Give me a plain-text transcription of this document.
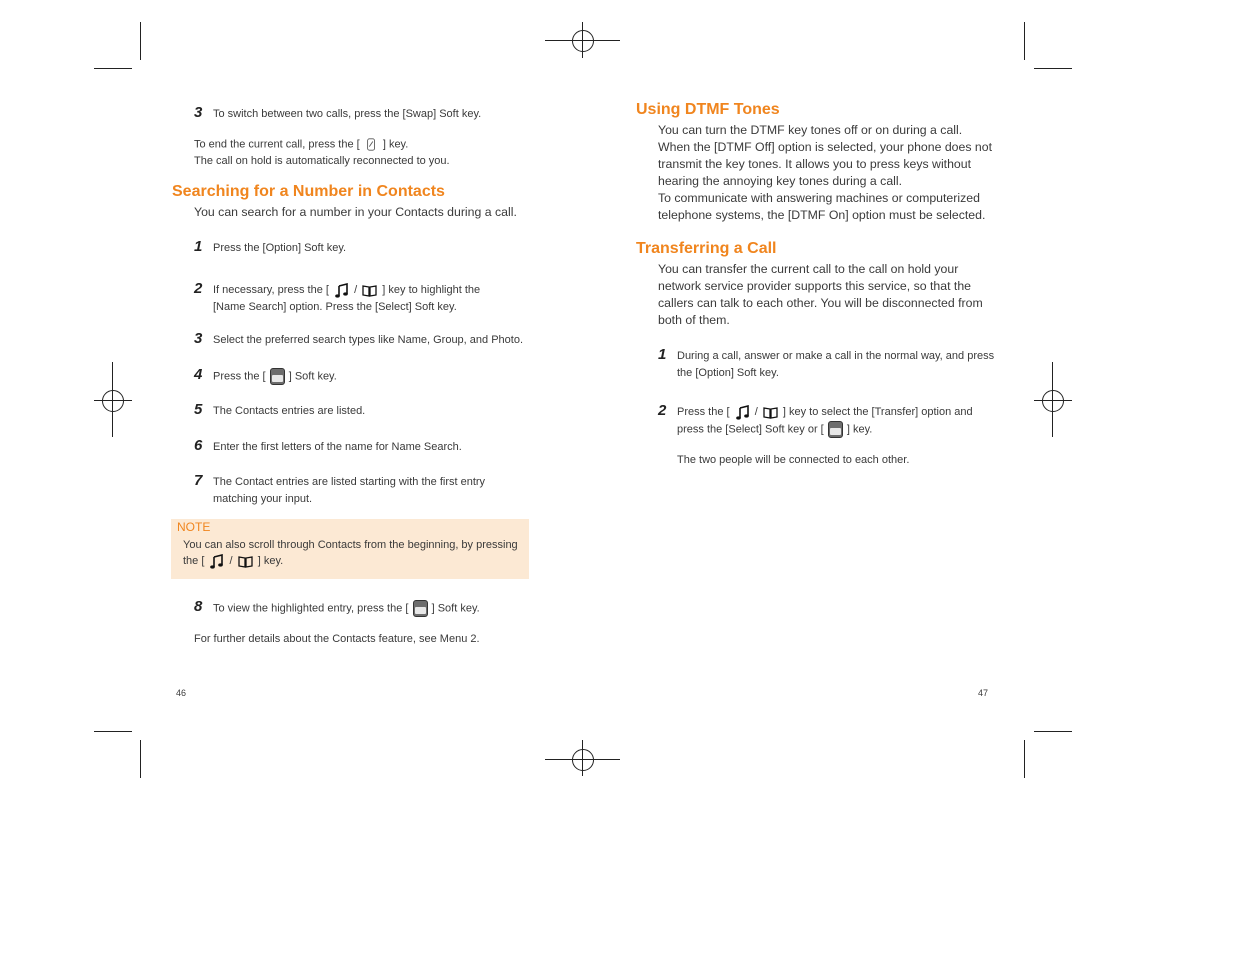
3 To switch between two calls, press the [Swap] Soft key.
To end the current call, press the [ ] key.
The call on hold is automatically reconnected to you.
Searching for a Number in Contacts
You can search for a number in your Contacts during a call.
1 Press the [Option] Soft key.
2 If necessary, press the [ / ] key to highlight the
[Name Search] option. Press the [Select] Soft key.
3 Select the preferred search types like Name, Group, and Photo.
4 Press the [ ] Soft key.
5 The Contacts entries are listed.
6 Enter the first letters of the name for Name Search.
7 The Contact entries are listed starting with the first entry
matching your input.
NOTE
You can also scroll through Contacts from the beginning, by pressing
the [ / ] key.
8 To view the highlighted entry, press the [ ] Soft key.
For further details about the Contacts feature, see Menu 2.
46
Using DTMF Tones
You can turn the DTMF key tones off or on during a call.
When the [DTMF Off] option is selected, your phone does not
transmit the key tones. It allows you to press keys without
hearing the annoying key tones during a call.
To communicate with answering machines or computerized
telephone systems, the [DTMF On] option must be selected.
Transferring a Call
You can transfer the current call to the call on hold your
network service provider supports this service, so that the
callers can talk to each other. You will be disconnected from
both of them.
1 During a call, answer or make a call in the normal way, and press
the [Option] Soft key.
2 Press the [ / ] key to select the [Transfer] option and
press the [Select] Soft key or [ ] key.
The two people will be connected to each other.
47
